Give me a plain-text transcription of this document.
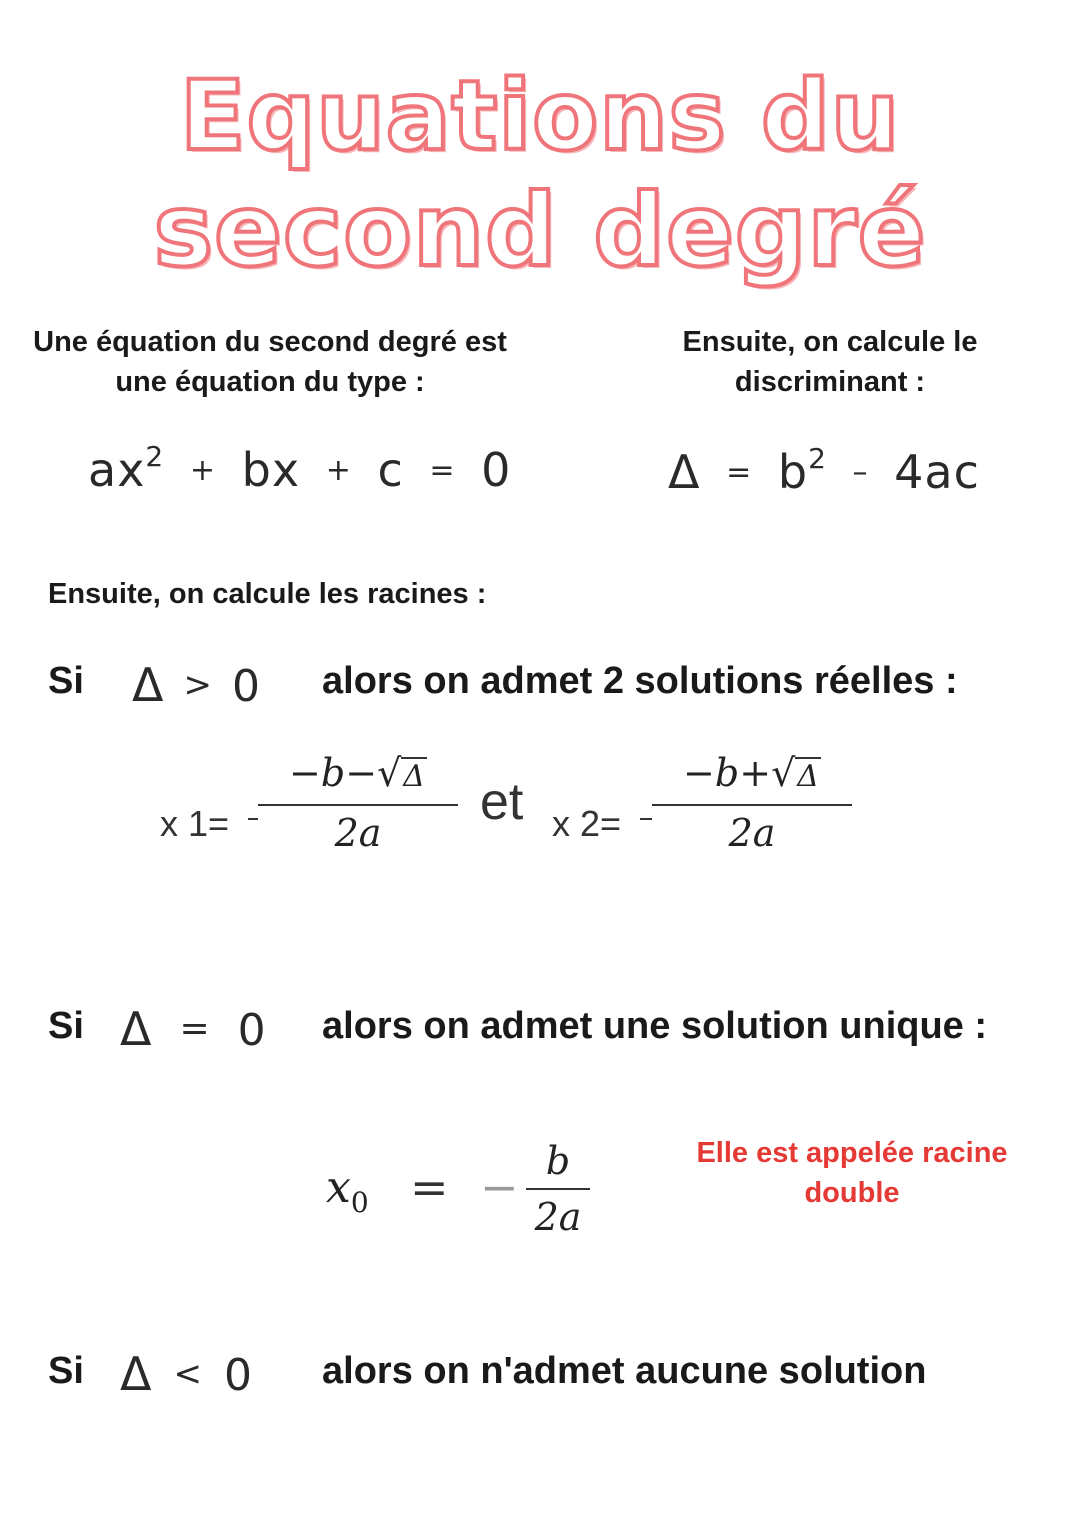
Equations du
second degré
Une équation du second degré est
une équation du type :
$ax^2$ + bx + c = 0
Ensuite, on calcule le
discriminant :
$\Delta = b^2 - 4ac$
Ensuite, on calcule les racines :
Si Δ > 0 alors on admet 2 solutions réelles :
x 1=
−b−√Δ
2a
et x 2=
−b+√Δ
2a
Si Δ = 0 alors on admet une solution unique :
$x_0$ = − b
2a
Elle est appelée racine
double
Si Δ < 0 alors on n'admet aucune solution
